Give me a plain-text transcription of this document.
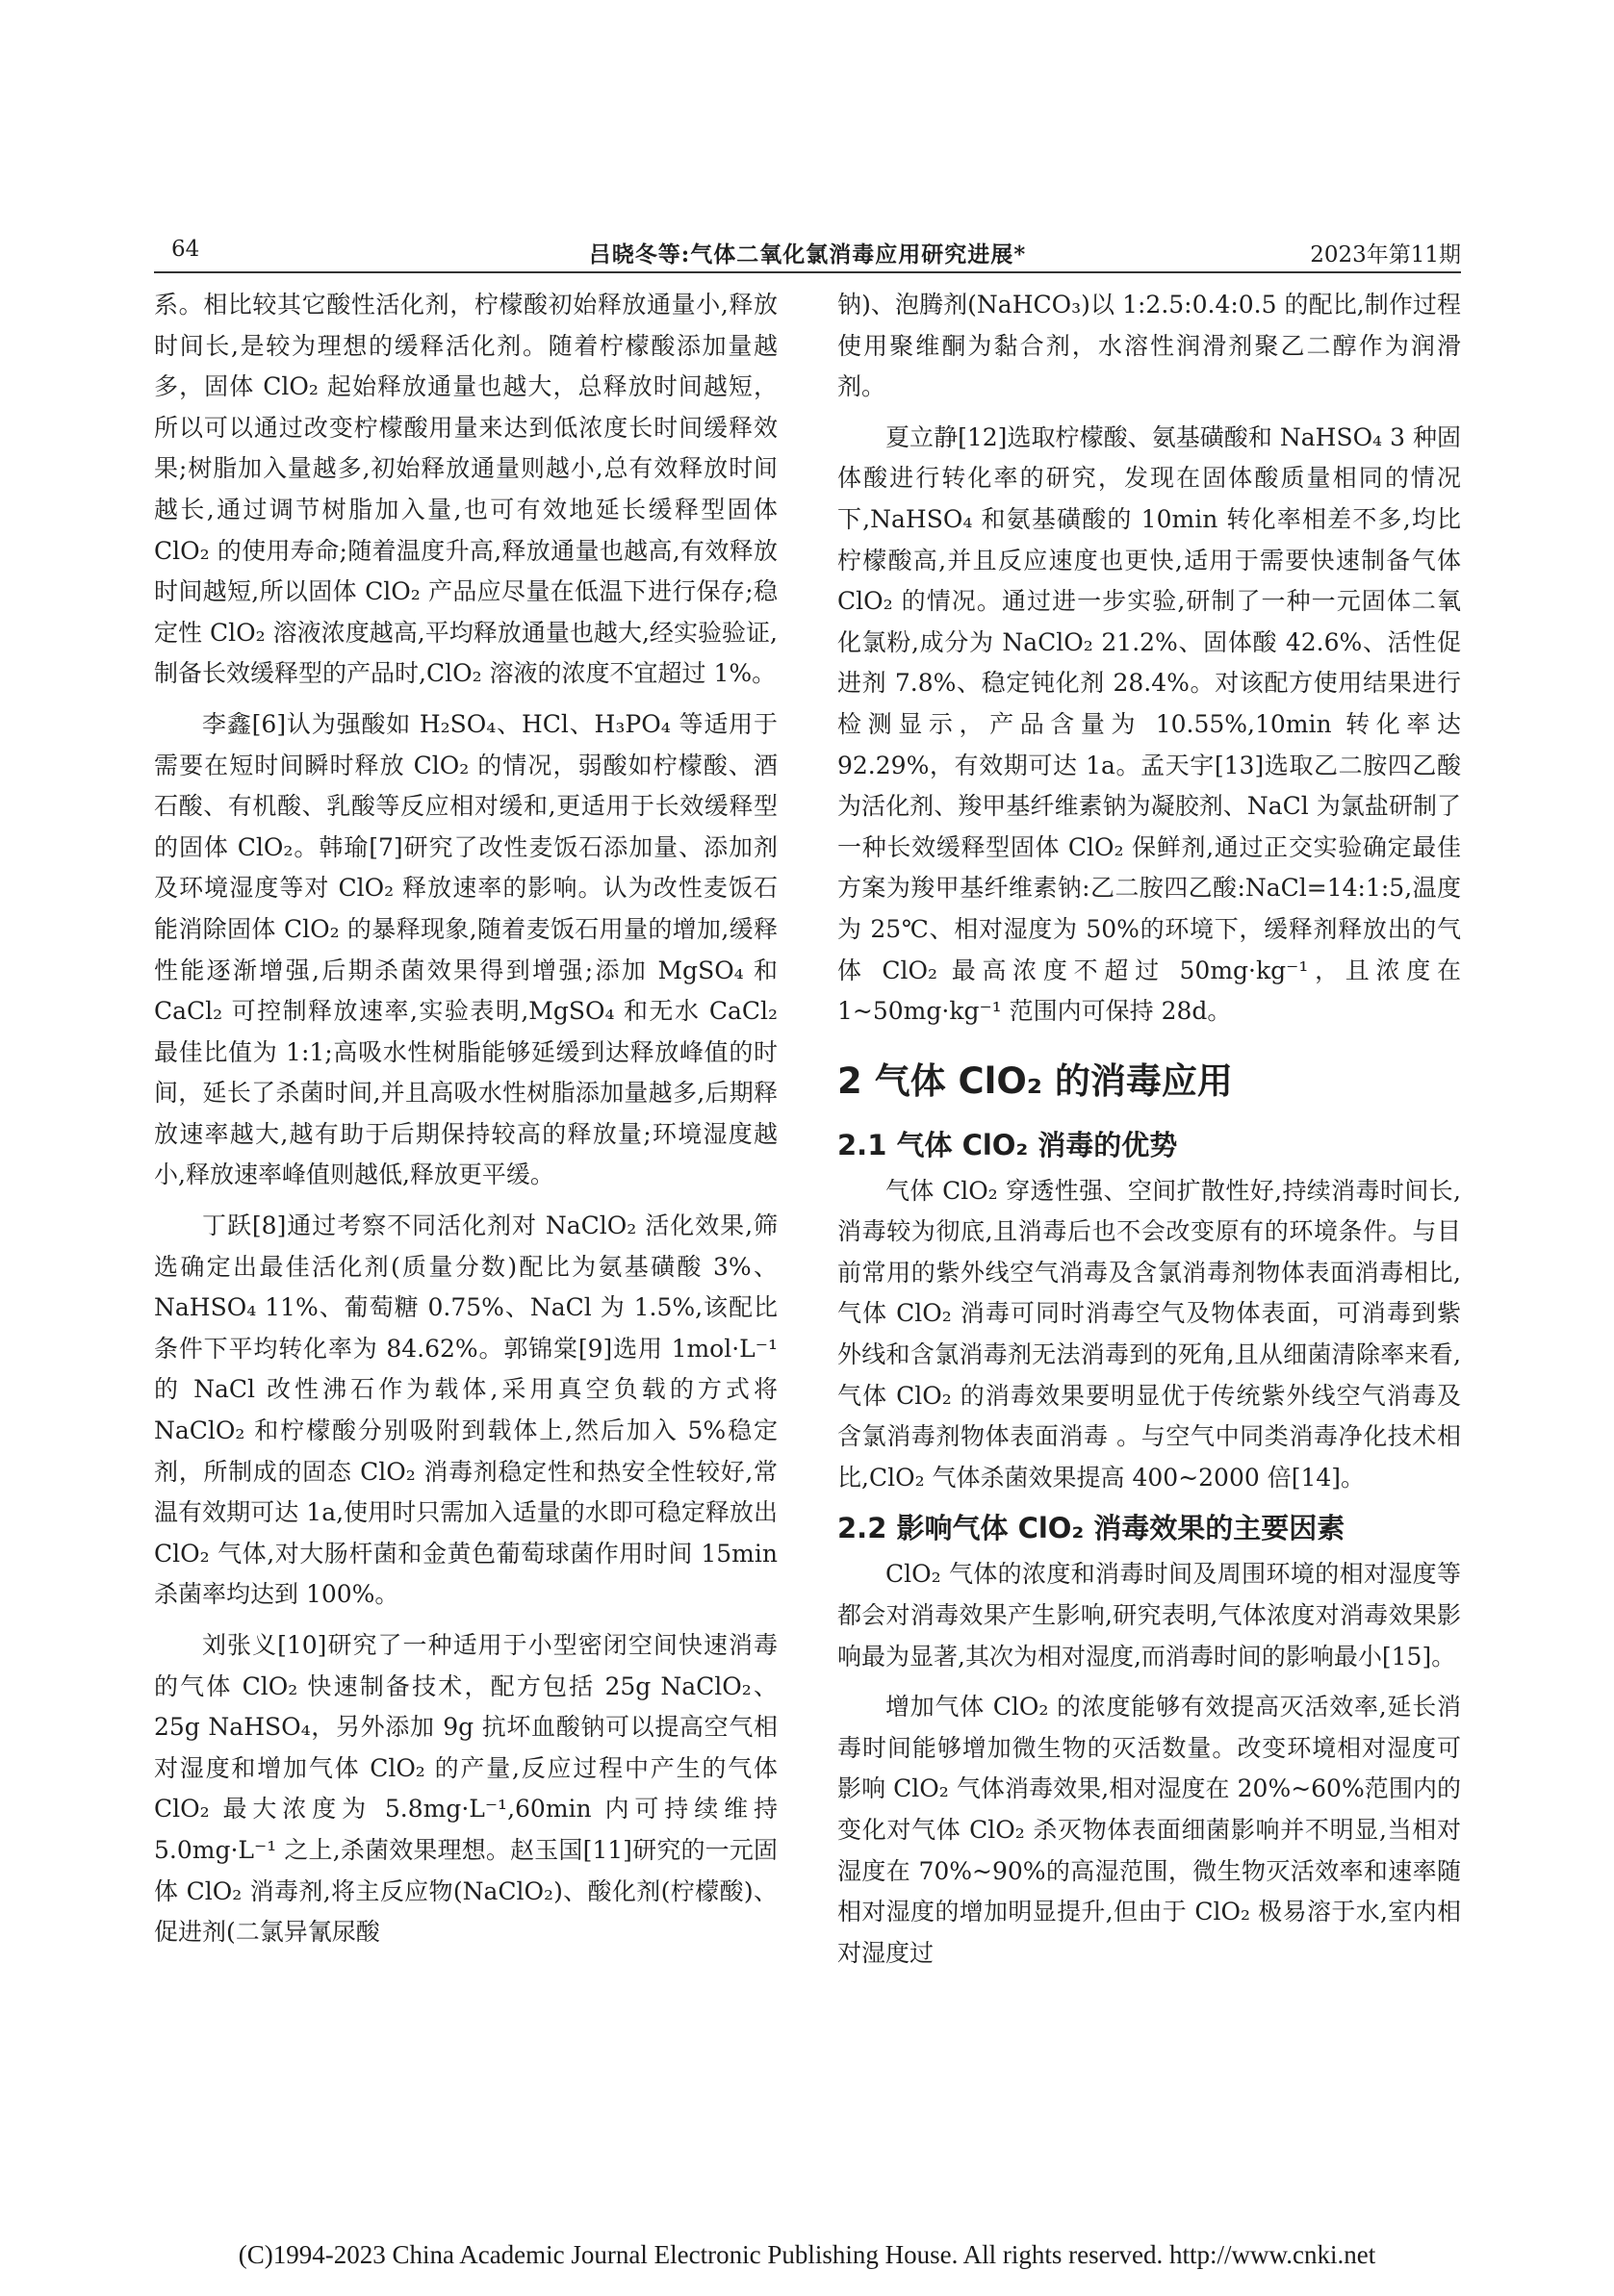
64	吕晓冬等:气体二氧化氯消毒应用研究进展*	2023年第11期

系。相比较其它酸性活化剂，柠檬酸初始释放通量小,释放时间长,是较为理想的缓释活化剂。随着柠檬酸添加量越多，固体 ClO₂ 起始释放通量也越大，总释放时间越短，所以可以通过改变柠檬酸用量来达到低浓度长时间缓释效果;树脂加入量越多,初始释放通量则越小,总有效释放时间越长,通过调节树脂加入量,也可有效地延长缓释型固体 ClO₂ 的使用寿命;随着温度升高,释放通量也越高,有效释放时间越短,所以固体 ClO₂ 产品应尽量在低温下进行保存;稳定性 ClO₂ 溶液浓度越高,平均释放通量也越大,经实验验证,制备长效缓释型的产品时,ClO₂ 溶液的浓度不宜超过 1%。

李鑫[6]认为强酸如 H₂SO₄、HCl、H₃PO₄ 等适用于需要在短时间瞬时释放 ClO₂ 的情况，弱酸如柠檬酸、酒石酸、有机酸、乳酸等反应相对缓和,更适用于长效缓释型的固体 ClO₂。韩瑜[7]研究了改性麦饭石添加量、添加剂及环境湿度等对 ClO₂ 释放速率的影响。认为改性麦饭石能消除固体 ClO₂ 的暴释现象,随着麦饭石用量的增加,缓释性能逐渐增强,后期杀菌效果得到增强;添加 MgSO₄ 和 CaCl₂ 可控制释放速率,实验表明,MgSO₄ 和无水 CaCl₂ 最佳比值为 1:1;高吸水性树脂能够延缓到达释放峰值的时间，延长了杀菌时间,并且高吸水性树脂添加量越多,后期释放速率越大,越有助于后期保持较高的释放量;环境湿度越小,释放速率峰值则越低,释放更平缓。

丁跃[8]通过考察不同活化剂对 NaClO₂ 活化效果,筛选确定出最佳活化剂(质量分数)配比为氨基磺酸 3%、NaHSO₄ 11%、葡萄糖 0.75%、NaCl 为 1.5%,该配比条件下平均转化率为 84.62%。郭锦棠[9]选用 1mol·L⁻¹ 的 NaCl 改性沸石作为载体,采用真空负载的方式将 NaClO₂ 和柠檬酸分别吸附到载体上,然后加入 5%稳定剂，所制成的固态 ClO₂ 消毒剂稳定性和热安全性较好,常温有效期可达 1a,使用时只需加入适量的水即可稳定释放出 ClO₂ 气体,对大肠杆菌和金黄色葡萄球菌作用时间 15min 杀菌率均达到 100%。

刘张义[10]研究了一种适用于小型密闭空间快速消毒的气体 ClO₂ 快速制备技术，配方包括 25g NaClO₂、25g NaHSO₄，另外添加 9g 抗坏血酸钠可以提高空气相对湿度和增加气体 ClO₂ 的产量,反应过程中产生的气体 ClO₂ 最大浓度为 5.8mg·L⁻¹,60min 内可持续维持 5.0mg·L⁻¹ 之上,杀菌效果理想。赵玉国[11]研究的一元固体 ClO₂ 消毒剂,将主反应物(NaClO₂)、酸化剂(柠檬酸)、促进剂(二氯异氰尿酸

钠)、泡腾剂(NaHCO₃)以 1:2.5:0.4:0.5 的配比,制作过程使用聚维酮为黏合剂，水溶性润滑剂聚乙二醇作为润滑剂。

夏立静[12]选取柠檬酸、氨基磺酸和 NaHSO₄ 3 种固体酸进行转化率的研究，发现在固体酸质量相同的情况下,NaHSO₄ 和氨基磺酸的 10min 转化率相差不多,均比柠檬酸高,并且反应速度也更快,适用于需要快速制备气体 ClO₂ 的情况。通过进一步实验,研制了一种一元固体二氧化氯粉,成分为 NaClO₂ 21.2%、固体酸 42.6%、活性促进剂 7.8%、稳定钝化剂 28.4%。对该配方使用结果进行检测显示，产品含量为 10.55%,10min 转化率达 92.29%，有效期可达 1a。孟天宇[13]选取乙二胺四乙酸为活化剂、羧甲基纤维素钠为凝胶剂、NaCl 为氯盐研制了一种长效缓释型固体 ClO₂ 保鲜剂,通过正交实验确定最佳方案为羧甲基纤维素钠:乙二胺四乙酸:NaCl=14:1:5,温度为 25℃、相对湿度为 50%的环境下，缓释剂释放出的气体 ClO₂ 最高浓度不超过 50mg·kg⁻¹，且浓度在 1~50mg·kg⁻¹ 范围内可保持 28d。

2 气体 ClO₂ 的消毒应用
2.1 气体 ClO₂ 消毒的优势

气体 ClO₂ 穿透性强、空间扩散性好,持续消毒时间长,消毒较为彻底,且消毒后也不会改变原有的环境条件。与目前常用的紫外线空气消毒及含氯消毒剂物体表面消毒相比,气体 ClO₂ 消毒可同时消毒空气及物体表面，可消毒到紫外线和含氯消毒剂无法消毒到的死角,且从细菌清除率来看,气体 ClO₂ 的消毒效果要明显优于传统紫外线空气消毒及含氯消毒剂物体表面消毒 。与空气中同类消毒净化技术相比,ClO₂ 气体杀菌效果提高 400~2000 倍[14]。

2.2 影响气体 ClO₂ 消毒效果的主要因素

ClO₂ 气体的浓度和消毒时间及周围环境的相对湿度等都会对消毒效果产生影响,研究表明,气体浓度对消毒效果影响最为显著,其次为相对湿度,而消毒时间的影响最小[15]。

增加气体 ClO₂ 的浓度能够有效提高灭活效率,延长消毒时间能够增加微生物的灭活数量。改变环境相对湿度可影响 ClO₂ 气体消毒效果,相对湿度在 20%~60%范围内的变化对气体 ClO₂ 杀灭物体表面细菌影响并不明显,当相对湿度在 70%~90%的高湿范围，微生物灭活效率和速率随相对湿度的增加明显提升,但由于 ClO₂ 极易溶于水,室内相对湿度过

(C)1994-2023 China Academic Journal Electronic Publishing House. All rights reserved. http://www.cnki.net
